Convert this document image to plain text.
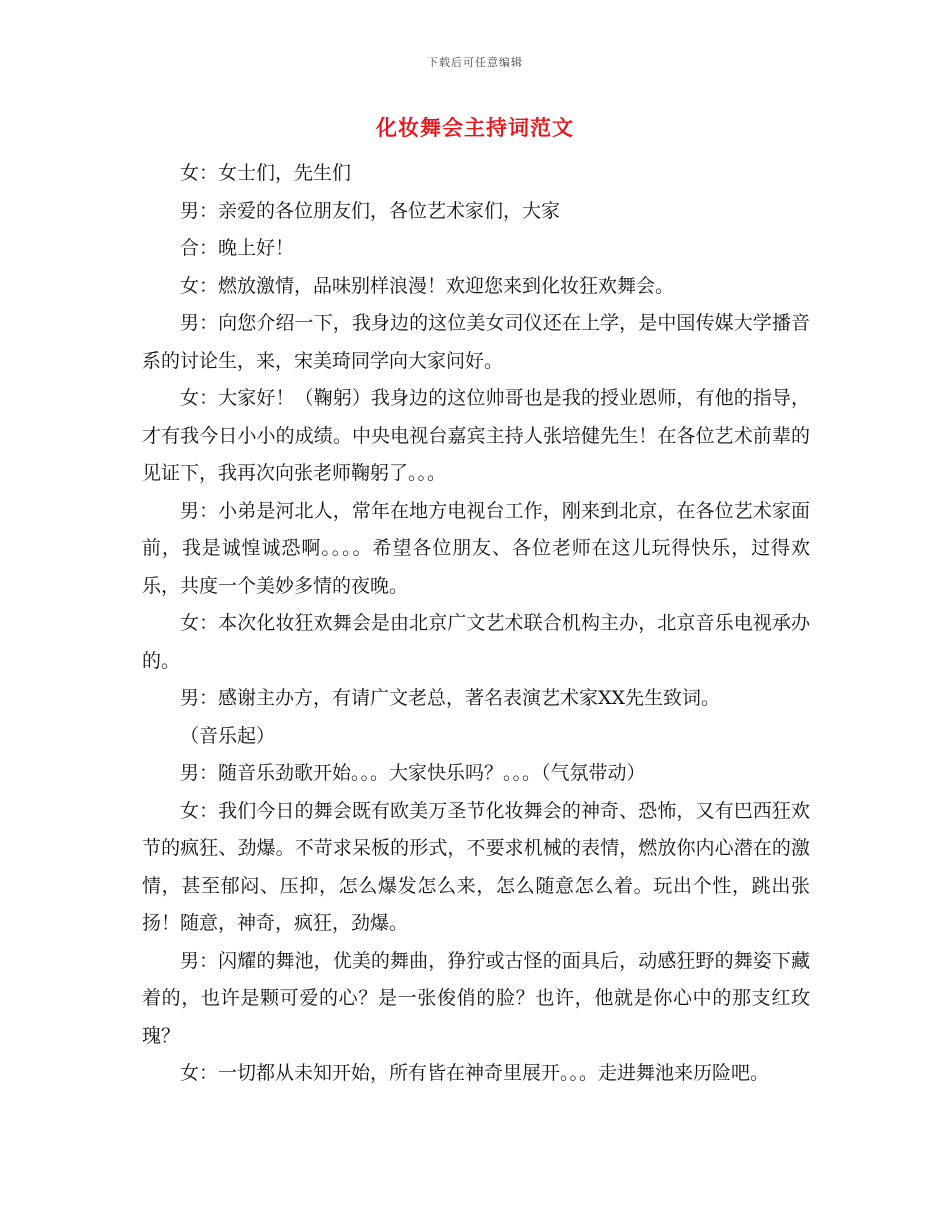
下载后可任意编辑
化妆舞会主持词范文

女：女士们，先生们

男：亲爱的各位朋友们，各位艺术家们，大家

合：晚上好！

女：燃放激情，品味别样浪漫！欢迎您来到化妆狂欢舞会。

男：向您介绍一下，我身边的这位美女司仪还在上学，是中国传媒大学播音系的讨论生，来，宋美琦同学向大家问好。

女：大家好！（鞠躬）我身边的这位帅哥也是我的授业恩师，有他的指导，才有我今日小小的成绩。中央电视台嘉宾主持人张培健先生！在各位艺术前辈的见证下，我再次向张老师鞠躬了。。。

男：小弟是河北人，常年在地方电视台工作，刚来到北京，在各位艺术家面前，我是诚惶诚恐啊。。。。希望各位朋友、各位老师在这儿玩得快乐，过得欢乐，共度一个美妙多情的夜晚。

女：本次化妆狂欢舞会是由北京广文艺术联合机构主办，北京音乐电视承办的。

男：感谢主办方，有请广文老总，著名表演艺术家XX先生致词。

（音乐起）

男：随音乐劲歌开始。。。大家快乐吗？。。。（气氛带动）

女：我们今日的舞会既有欧美万圣节化妆舞会的神奇、恐怖，又有巴西狂欢节的疯狂、劲爆。不苛求呆板的形式，不要求机械的表情，燃放你内心潜在的激情，甚至郁闷、压抑，怎么爆发怎么来，怎么随意怎么着。玩出个性，跳出张扬！随意，神奇，疯狂，劲爆。

男：闪耀的舞池，优美的舞曲，狰狞或古怪的面具后，动感狂野的舞姿下藏着的，也许是颗可爱的心？是一张俊俏的脸？也许，他就是你心中的那支红玫瑰？

女：一切都从未知开始，所有皆在神奇里展开。。。走进舞池来历险吧。
